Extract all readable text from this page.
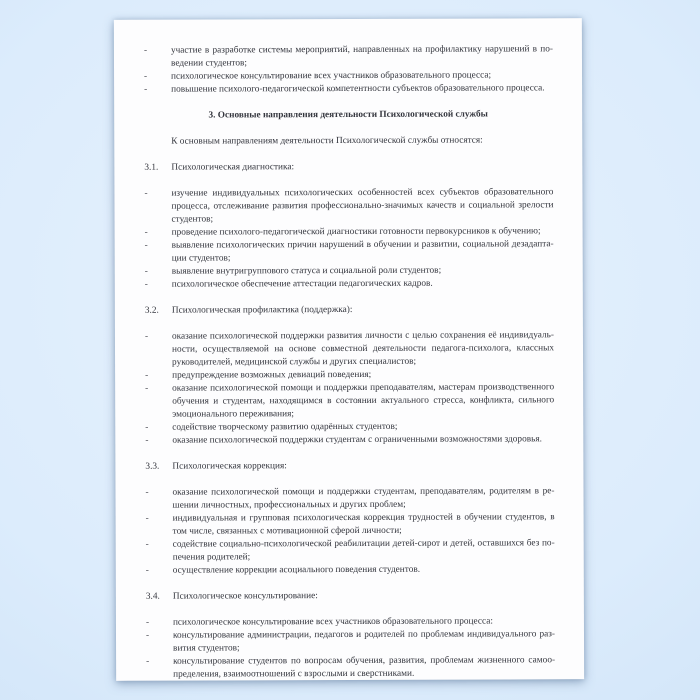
-	участие в разработке системы мероприятий, направленных на профилактику нарушений в поведении студентов;
-	психологическое консультирование всех участников образовательного процесса;
-	повышение психолого-педагогической компетентности субъектов образовательного процесса.
3. Основные направления деятельности Психологической службы
К основным направлениям деятельности Психологической службы относятся:
3.1. Психологическая диагностика:
-	изучение индивидуальных психологических особенностей всех субъектов образовательного процесса, отслеживание развития профессионально-значимых качеств и социальной зрелости студентов;
-	проведение психолого-педагогической диагностики готовности первокурсников к обучению;
-	выявление психологических причин нарушений в обучении и развитии, социальной дезадаптации студентов;
-	выявление внутригруппового статуса и социальной роли студентов;
-	психологическое обеспечение аттестации педагогических кадров.
3.2. Психологическая профилактика (поддержка):
-	оказание психологической поддержки развития личности с целью сохранения её индивидуальности, осуществляемой на основе совместной деятельности педагога-психолога, классных руководителей, медицинской службы и других специалистов;
-	предупреждение возможных девиаций поведения;
-	оказание психологической помощи и поддержки преподавателям, мастерам производственного обучения и студентам, находящимся в состоянии актуального стресса, конфликта, сильного эмоционального переживания;
-	содействие творческому развитию одарённых студентов;
-	оказание психологической поддержки студентам с ограниченными возможностями здоровья.
3.3. Психологическая коррекция:
-	оказание психологической помощи и поддержки студентам, преподавателям, родителям в решении личностных, профессиональных и других проблем;
-	индивидуальная и групповая психологическая коррекция трудностей в обучении студентов, в том числе, связанных с мотивационной сферой личности;
-	содействие социально-психологической реабилитации детей-сирот и детей, оставшихся без попечения родителей;
-	осуществление коррекции асоциального поведения студентов.
3.4. Психологическое консультирование:
-	психологическое консультирование всех участников образовательного процесса:
-	консультирование администрации, педагогов и родителей по проблемам индивидуального развития студентов;
-	консультирование студентов по вопросам обучения, развития, проблемам жизненного самоопределения, взаимоотношений с взрослыми и сверстниками.
